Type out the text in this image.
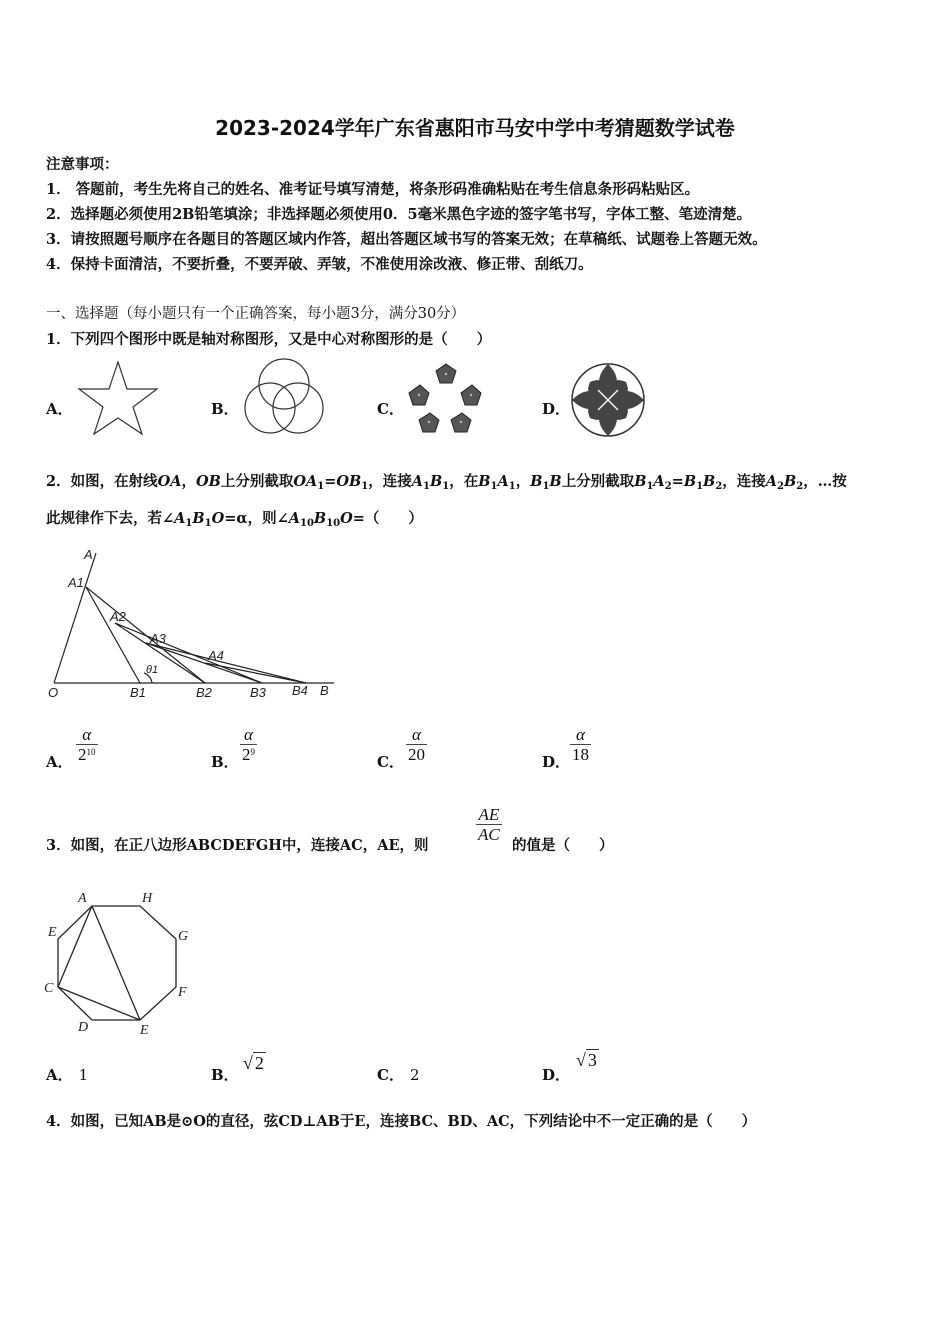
2023-2024学年广东省惠阳市马安中学中考猜题数学试卷
注意事项：
1． 答题前，考生先将自己的姓名、准考证号填写清楚，将条形码准确粘贴在考生信息条形码粘贴区。
2．选择题必须使用2B铅笔填涂；非选择题必须使用0．5毫米黑色字迹的签字笔书写，字体工整、笔迹清楚。
3．请按照题号顺序在各题目的答题区域内作答，超出答题区域书写的答案无效；在草稿纸、试题卷上答题无效。
4．保持卡面清洁，不要折叠，不要弄破、弄皱，不准使用涂改液、修正带、刮纸刀。
一、选择题（每小题只有一个正确答案，每小题3分，满分30分）
1．下列四个图形中既是轴对称图形，又是中心对称图形的是（　　）
A．	B．	C．	D．
2．如图，在射线OA，OB上分别截取$OA_1=OB_1$，连接$A_1B_1$，在$B_1A_1$，$B_1B$上分别截取$B_1A_2=B_1B_2$，连接$A_2B_2$，…按
此规律作下去，若$\angle A_1B_1O=\alpha$，则$\angle A_{10}B_{10}O=$（　　）
A
A1
A2
A3
A4
O	B1
θ1
B2	B3 B4 B
A． $\frac{\alpha}{2^{10}}$	B． $\frac{\alpha}{2^9}$	C． $\frac{\alpha}{20}$	D． $\frac{\alpha}{18}$
3．如图，在正八边形ABCDEFGH中，连接AC，AE，则
$\frac{AE}{AC}$
的值是（　　）
A	H
E	G
C	F
D	E
A． 1	B．
√ 2
C． 2	D．
√ 3
4．如图，已知AB是⊙O的直径，弦CD⊥AB于E，连接BC、BD、AC，下列结论中不一定正确的是（　　）
